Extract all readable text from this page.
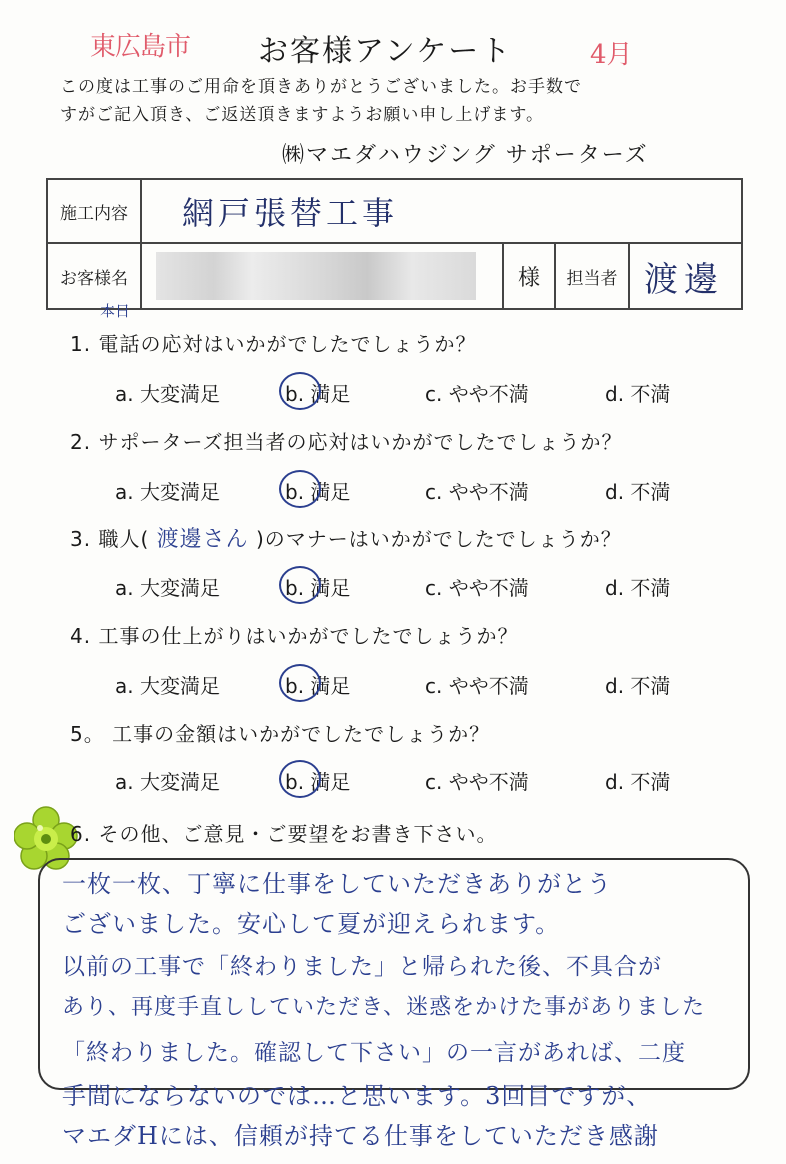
東広島市 お客様アンケート	4月
この度は工事のご用命を頂きありがとうございました。お手数で
すがご記入頂き、ご返送頂きますようお願い申し上げます。
㈱マエダハウジング サポーターズ
施工内容	網戸張替工事			
お客様名		様	担当者	渡邊
本日
1. 電話の応対はいかがでしたでしょうか？
a. 大変満足	b. 満足	c. やや不満	d. 不満
2. サポーターズ担当者の応対はいかがでしたでしょうか？
a. 大変満足	b. 満足	c. やや不満	d. 不満
3. 職人( 渡邊さん )のマナーはいかがでしたでしょうか？
a. 大変満足	b. 満足	c. やや不満	d. 不満
4. 工事の仕上がりはいかがでしたでしょうか？
a. 大変満足	b. 満足	c. やや不満	d. 不満
5。 工事の金額はいかがでしたでしょうか？
a. 大変満足	b. 満足	c. やや不満	d. 不満
6. その他、ご意見・ご要望をお書き下さい。
一枚一枚、丁寧に仕事をしていただきありがとう
ございました。安心して夏が迎えられます。
以前の工事で「終わりました」と帰られた後、不具合が
あり、再度手直ししていただき、迷惑をかけた事がありました
「終わりました。確認して下さい」の一言があれば、二度
手間にならないのでは…と思います。3回目ですが、
マエダHには、信頼が持てる仕事をしていただき感謝
